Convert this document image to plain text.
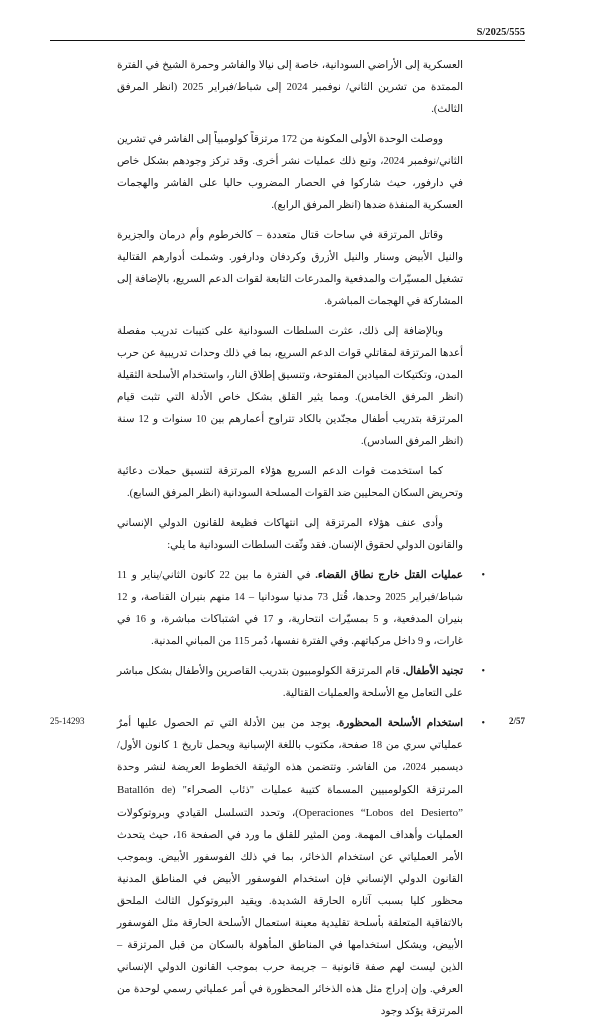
S/2025/555

العسكرية إلى الأراضي السودانية، خاصة إلى نيالا والفاشر وحمرة الشيخ في الفترة الممتدة من تشرين الثاني/ نوفمبر 2024 إلى شباط/فبراير 2025 (انظر المرفق الثالث).

ووصلت الوحدة الأولى المكونة من 172 مرتزقاً كولومبياً إلى الفاشر في تشرين الثاني/نوفمبر 2024، وتبع ذلك عمليات نشر أخرى. وقد تركز وجودهم بشكل خاص في دارفور، حيث شاركوا في الحصار المضروب حاليا على الفاشر والهجمات العسكرية المنفذة ضدها (انظر المرفق الرابع).

وقاتل المرتزقة في ساحات قتال متعددة – كالخرطوم وأم درمان والجزيرة والنيل الأبيض وسنار والنيل الأزرق وكردفان ودارفور. وشملت أدوارهم القتالية تشغيل المسيّرات والمدفعية والمدرعات التابعة لقوات الدعم السريع، بالإضافة إلى المشاركة في الهجمات المباشرة.

وبالإضافة إلى ذلك، عثرت السلطات السودانية على كتيبات تدريب مفصلة أعدها المرتزقة لمقاتلي قوات الدعم السريع، بما في ذلك وحدات تدريبية عن حرب المدن، وتكتيكات الميادين المفتوحة، وتنسيق إطلاق النار، واستخدام الأسلحة الثقيلة (انظر المرفق الخامس). ومما يثير القلق بشكل خاص الأدلة التي تثبت قيام المرتزقة بتدريب أطفال مجنّدين بالكاد تتراوح أعمارهم بين 10 سنوات و 12 سنة (انظر المرفق السادس).

كما استخدمت قوات الدعم السريع هؤلاء المرتزقة لتنسيق حملات دعائية وتحريض السكان المحليين ضد القوات المسلحة السودانية (انظر المرفق السابع).

وأدى عنف هؤلاء المرتزقة إلى انتهاكات فظيعة للقانون الدولي الإنساني والقانون الدولي لحقوق الإنسان. فقد وثّقت السلطات السودانية ما يلي:

•
عمليات القتل خارج نطاق القضاء. في الفترة ما بين 22 كانون الثاني/يناير و 11 شباط/فبراير 2025 وحدها، قُتل 73 مدنيا سودانيا – 14 منهم بنيران القناصة، و 12 بنيران المدفعية، و 5 بمسيّرات انتحارية، و 17 في اشتباكات مباشرة، و 16 في غارات، و 9 داخل مركباتهم. وفي الفترة نفسها، دُمر 115 من المباني المدنية.
•
تجنيد الأطفال. قام المرتزقة الكولومبيون بتدريب القاصرين والأطفال بشكل مباشر على التعامل مع الأسلحة والعمليات القتالية.
•
استخدام الأسلحة المحظورة. يوجد من بين الأدلة التي تم الحصول عليها أمرٌ عملياتي سري من 18 صفحة، مكتوب باللغة الإسبانية ويحمل تاريخ 1 كانون الأول/ديسمبر 2024، من الفاشر. وتتضمن هذه الوثيقة الخطوط العريضة لنشر وحدة المرتزقة الكولومبيين المسماة كتيبة عمليات "ذئاب الصحراء" (Batallón de Operaciones “Lobos del Desierto”)، وتحدد التسلسل القيادي وبروتوكولات العمليات وأهداف المهمة. ومن المثير للقلق ما ورد في الصفحة 16، حيث يتحدث الأمر العملياتي عن استخدام الذخائر، بما في ذلك الفوسفور الأبيض. وبموجب القانون الدولي الإنساني فإن استخدام الفوسفور الأبيض في المناطق المدنية محظور كليا بسبب آثاره الحارقة الشديدة. ويقيد البروتوكول الثالث الملحق بالاتفاقية المتعلقة بأسلحة تقليدية معينة استعمال الأسلحة الحارقة مثل الفوسفور الأبيض، ويشكل استخدامها في المناطق المأهولة بالسكان من قبل المرتزقة – الذين ليست لهم صفة قانونية – جريمة حرب بموجب القانون الدولي الإنساني العرفي. وإن إدراج مثل هذه الذخائر المحظورة في أمر عملياتي رسمي لوحدة من المرتزقة يؤكد وجود
25-14293	2/57
